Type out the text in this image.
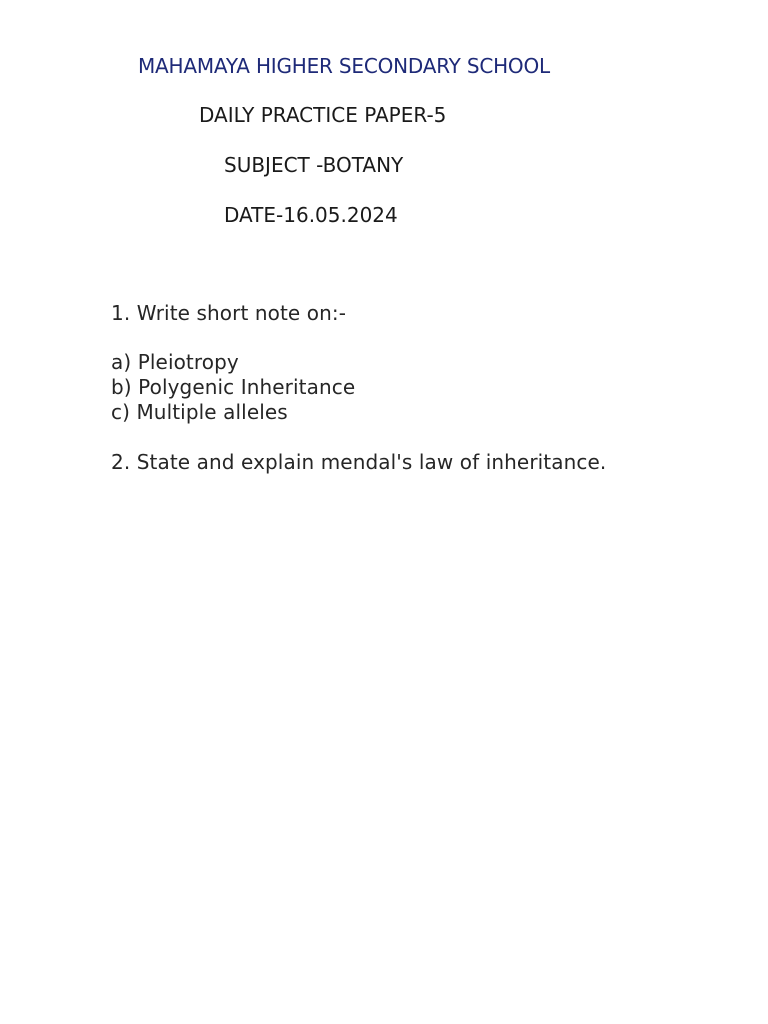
MAHAMAYA HIGHER SECONDARY SCHOOL
DAILY PRACTICE PAPER-5
SUBJECT -BOTANY
DATE-16.05.2024
1. Write short note on:-
a) Pleiotropy
b) Polygenic Inheritance
c) Multiple alleles
2. State and explain mendal's law of inheritance.
